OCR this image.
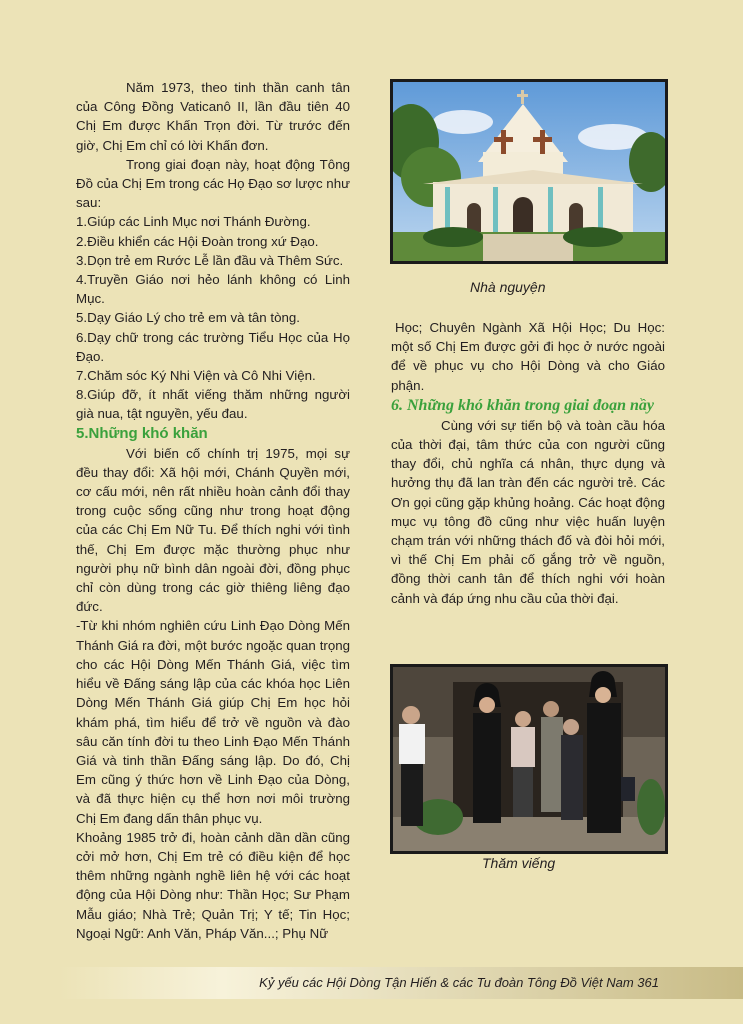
Năm 1973, theo tinh thần canh tân của Công Đồng Vaticanô II, lần đầu tiên 40 Chị Em được Khấn Trọn đời. Từ trước đến giờ, Chị Em chỉ có lời Khấn đơn.

Trong giai đoạn này, hoạt động Tông Đồ của Chị Em trong các Họ Đạo sơ lược như sau:

1.Giúp các Linh Mục nơi Thánh Đường.

2.Điều khiển các Hội Đoàn trong xứ Đạo.

3.Dọn trẻ em Rước Lễ lần đầu và Thêm Sức.

4.Truyền Giáo nơi hẻo lánh không có Linh Mục.

5.Dạy Giáo Lý cho trẻ em và tân tòng.

6.Dạy chữ trong các trường Tiểu Học của Họ Đạo.

7.Chăm sóc Ký Nhi Viện và Cô Nhi Viện.

8.Giúp đỡ, ít nhất viếng thăm những người già nua, tật nguyền, yếu đau.

5.Những khó khăn

Với biến cố chính trị 1975, mọi sự đều thay đổi: Xã hội mới, Chánh Quyền mới, cơ cấu mới, nên rất nhiều hoàn cảnh đổi thay trong cuộc sống cũng như trong hoạt động của các Chị Em Nữ Tu. Để thích nghi với tình thế, Chị Em được mặc thường phục như người phụ nữ bình dân ngoài đời, đồng phục chỉ còn dùng trong các giờ thiêng liêng đạo đức.

-Từ khi nhóm nghiên cứu Linh Đạo Dòng Mến Thánh Giá ra đời, một bước ngoặc quan trọng cho các Hội Dòng Mến Thánh Giá, việc tìm hiểu về Đấng sáng lập của các khóa học Liên Dòng Mến Thánh Giá giúp Chị Em học hỏi khám phá, tìm hiểu để trở về nguồn và đào sâu căn tính đời tu theo Linh Đạo Mến Thánh Giá và tinh thần Đấng sáng lập. Do đó, Chị Em cũng ý thức hơn về Linh Đạo của Dòng, và đã thực hiện cụ thể hơn nơi môi trường Chị Em đang dấn thân phục vụ.

Khoảng 1985 trở đi, hoàn cảnh dần dần cũng cởi mở hơn, Chị Em trẻ có điều kiện để học thêm những ngành nghề liên hệ với các hoạt động của Hội Dòng như: Thần Học; Sư Phạm Mẫu giáo; Nhà Trẻ; Quản Trị; Y tế; Tin Học; Ngoại Ngữ: Anh Văn, Pháp Văn...; Phụ Nữ

Nhà nguyện

Học; Chuyên Ngành Xã Hội Học; Du Học: một số Chị Em được gởi đi học ở nước ngoài để về phục vụ cho Hội Dòng và cho Giáo phận.

6. Những khó khăn trong giai đoạn nầy

Cùng với sự tiến bộ và toàn cầu hóa của thời đại, tâm thức của con người cũng thay đổi, chủ nghĩa cá nhân, thực dụng và hưởng thụ đã lan tràn đến các người trẻ. Các Ơn gọi cũng gặp khủng hoảng. Các hoạt động mục vụ tông đồ cũng như việc huấn luyện chạm trán với những thách đố và đòi hỏi mới, vì thế Chị Em phải cố gắng trở về nguồn, đồng thời canh tân để thích nghi với hoàn cảnh và đáp ứng nhu cầu của thời đại.

Thăm viếng
Kỷ yếu các Hội Dòng Tận Hiến & các Tu đoàn Tông Đồ Việt Nam 361
